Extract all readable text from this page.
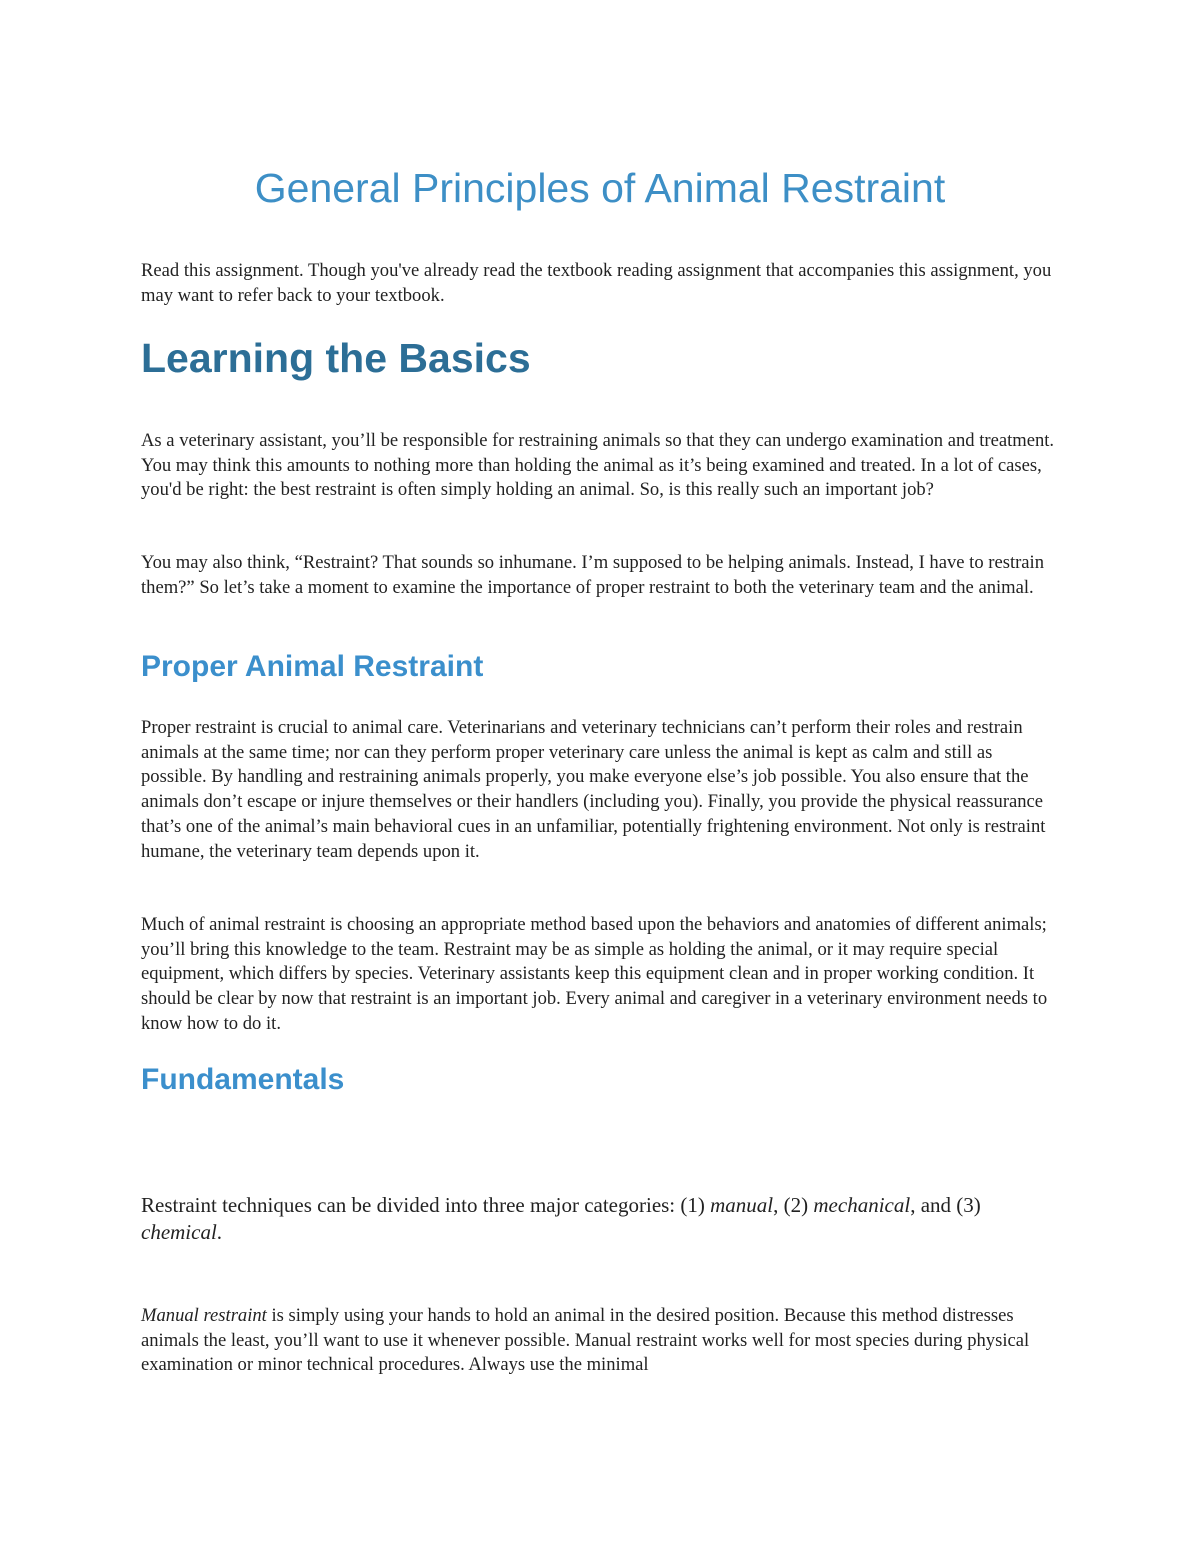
General Principles of Animal Restraint

Read this assignment. Though you've already read the textbook reading assignment that accompanies this assignment, you may want to refer back to your textbook.

Learning the Basics

As a veterinary assistant, you’ll be responsible for restraining animals so that they can undergo examination and treatment. You may think this amounts to nothing more than holding the animal as it’s being examined and treated. In a lot of cases, you'd be right: the best restraint is often simply holding an animal. So, is this really such an important job?

You may also think, “Restraint? That sounds so inhumane. I’m supposed to be helping animals. Instead, I have to restrain them?” So let’s take a moment to examine the importance of proper restraint to both the veterinary team and the animal.

Proper Animal Restraint

Proper restraint is crucial to animal care. Veterinarians and veterinary technicians can’t perform their roles and restrain animals at the same time; nor can they perform proper veterinary care unless the animal is kept as calm and still as possible. By handling and restraining animals properly, you make everyone else’s job possible. You also ensure that the animals don’t escape or injure themselves or their handlers (including you). Finally, you provide the physical reassurance that’s one of the animal’s main behavioral cues in an unfamiliar, potentially frightening environment. Not only is restraint humane, the veterinary team depends upon it.

Much of animal restraint is choosing an appropriate method based upon the behaviors and anatomies of different animals; you’ll bring this knowledge to the team. Restraint may be as simple as holding the animal, or it may require special equipment, which differs by species. Veterinary assistants keep this equipment clean and in proper working condition. It should be clear by now that restraint is an important job. Every animal and caregiver in a veterinary environment needs to know how to do it.

Fundamentals

Restraint techniques can be divided into three major categories: (1) manual, (2) mechanical, and (3) chemical.

Manual restraint is simply using your hands to hold an animal in the desired position. Because this method distresses animals the least, you’ll want to use it whenever possible. Manual restraint works well for most species during physical examination or minor technical procedures. Always use the minimal
